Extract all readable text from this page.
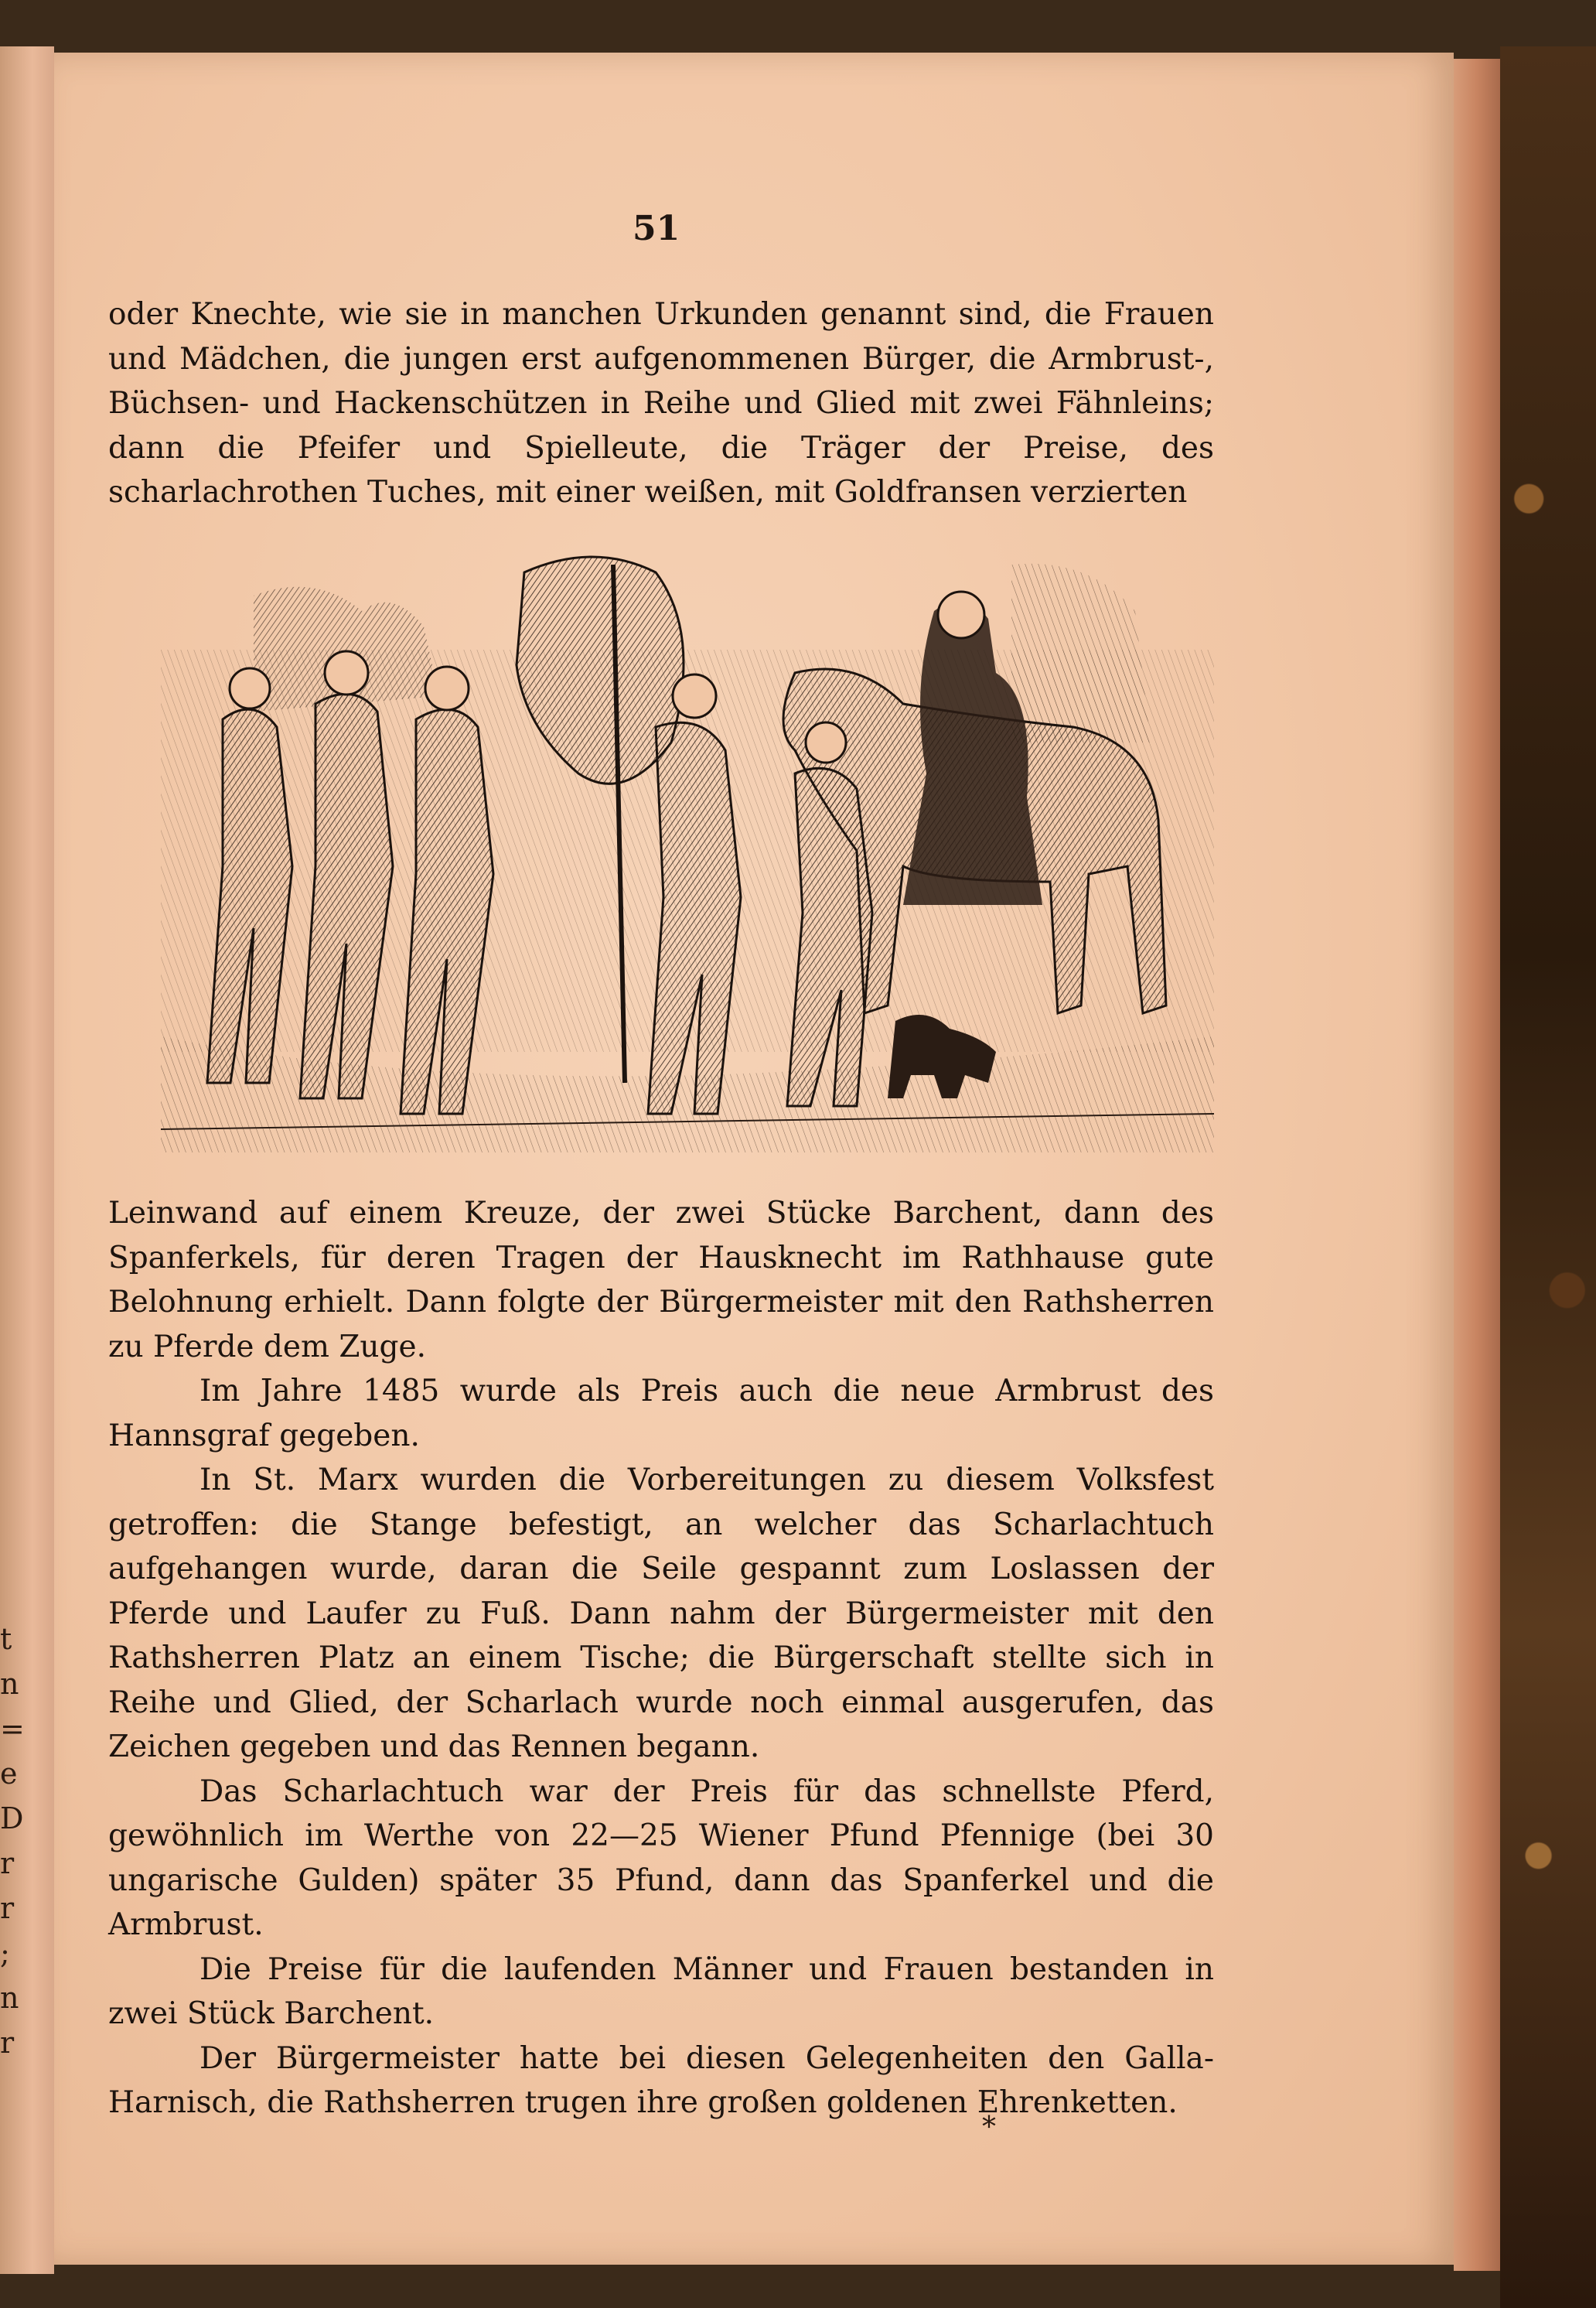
t
n
=
e
D
r
r
;
n
r
51

oder Knechte, wie sie in manchen Urkunden genannt sind, die Frauen und Mädchen, die jungen erst aufgenommenen Bürger, die Armbrust-, Büchsen- und Hackenschützen in Reihe und Glied mit zwei Fähnleins; dann die Pfeifer und Spielleute, die Träger der Preise, des scharlachrothen Tuches, mit einer weißen, mit Goldfransen verzierten

Leinwand auf einem Kreuze, der zwei Stücke Barchent, dann des Spanferkels, für deren Tragen der Hausknecht im Rathhause gute Belohnung erhielt. Dann folgte der Bürgermeister mit den Rathsherren zu Pferde dem Zuge.

Im Jahre 1485 wurde als Preis auch die neue Armbrust des Hannsgraf gegeben.

In St. Marx wurden die Vorbereitungen zu diesem Volksfest getroffen: die Stange befestigt, an welcher das Scharlachtuch aufgehangen wurde, daran die Seile gespannt zum Loslassen der Pferde und Laufer zu Fuß. Dann nahm der Bürgermeister mit den Rathsherren Platz an einem Tische; die Bürgerschaft stellte sich in Reihe und Glied, der Scharlach wurde noch einmal ausgerufen, das Zeichen gegeben und das Rennen begann.

Das Scharlachtuch war der Preis für das schnellste Pferd, gewöhnlich im Werthe von 22—25 Wiener Pfund Pfennige (bei 30 ungarische Gulden) später 35 Pfund, dann das Spanferkel und die Armbrust.

Die Preise für die laufenden Männer und Frauen bestanden in zwei Stück Barchent.

Der Bürgermeister hatte bei diesen Gelegenheiten den Galla-Harnisch, die Rathsherren trugen ihre großen goldenen Ehrenketten.

*
